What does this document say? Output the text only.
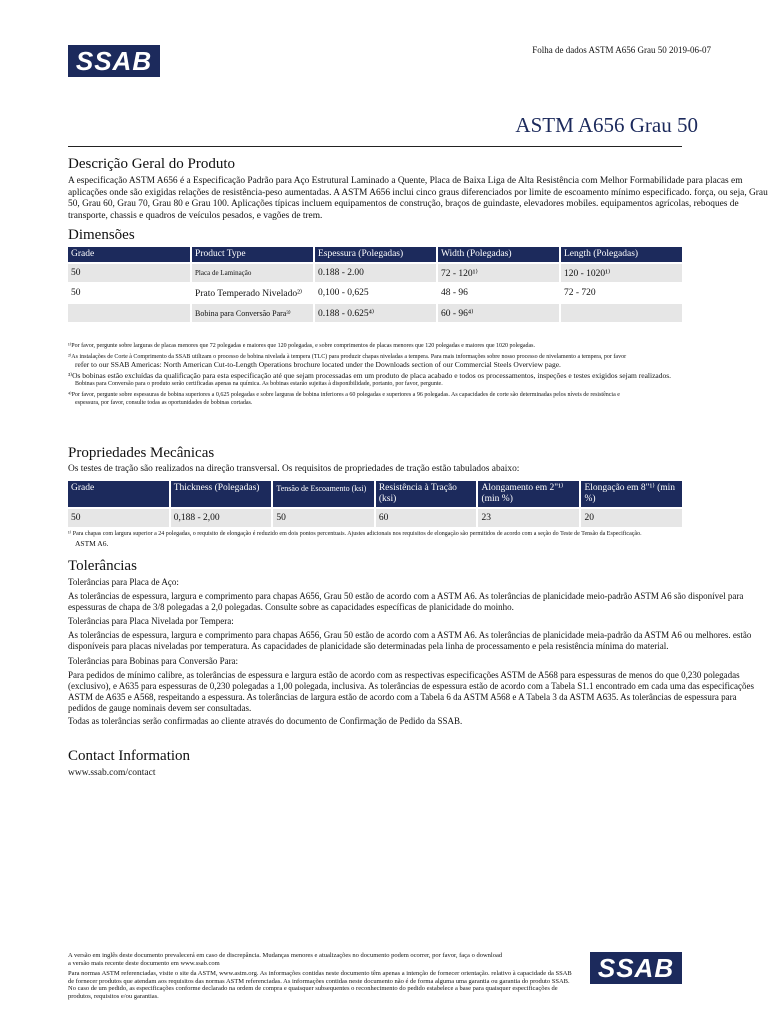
SSAB	Folha de dados ASTM A656 Grau 50 2019-06-07
ASTM A656 Grau 50
Descrição Geral do Produto
A especificação ASTM A656 é a Especificação Padrão para Aço Estrutural Laminado a Quente, Placa de Baixa Liga de Alta Resistência com Melhor Formabilidade para placas em aplicações onde são exigidas relações de resistência-peso aumentadas. A ASTM A656 inclui cinco graus diferenciados por limite de escoamento mínimo especificado. força, ou seja, Grau 50, Grau 60, Grau 70, Grau 80 e Grau 100. Aplicações típicas incluem equipamentos de construção, braços de guindaste, elevadores mobiles. equipamentos agrícolas, reboques de transporte, chassis e quadros de veículos pesados, e vagões de trem.
Dimensões
Grade	Product Type	Espessura (Polegadas)	Width (Polegadas)	Length (Polegadas)
50	Placa de Laminação	0.188 - 2.00	72 - 120¹⁾	120 - 1020¹⁾
50	Prato Temperado Nivelado²⁾	0,100 - 0,625	48 - 96	72 - 720
	Bobina para Conversão Para³⁾	0.188 - 0.625⁴⁾	60 - 96⁴⁾	
¹⁾Por favor, pergunte sobre larguras de placas menores que 72 polegadas e maiores que 120 polegadas, e sobre comprimentos de placas menores que 120 polegadas e maiores que 1020 polegadas.
²⁾As instalações de Corte à Comprimento da SSAB utilizam o processo de bobina nivelada à tempera (TLC) para produzir chapas niveladas a tempera. Para mais informações sobre nosso processo de nivelamento a tempera, por favor
refer to our SSAB Americas: North American Cut-to-Length Operations brochure located under the Downloads section of our Commercial Steels Overview page.
³⁾Os bobinas estão excluídas da qualificação para esta especificação até que sejam processadas em um produto de placa acabado e todos os processamentos, inspeções e testes exigidos sejam realizados.
Bobinas para Conversão para o produto serão certificadas apenas na química. As bobinas estarão sujeitas à disponibilidade, portanto, por favor, pergunte.
⁴⁾Por favor, pergunte sobre espessuras de bobina superiores a 0,625 polegadas e sobre larguras de bobina inferiores a 60 polegadas e superiores a 96 polegadas. As capacidades de corte são determinadas pelos níveis de resistência e
espessura, por favor, consulte todas as oportunidades de bobinas cortadas.
Propriedades Mecânicas
Os testes de tração são realizados na direção transversal. Os requisitos de propriedades de tração estão tabulados abaixo:
Grade	Thickness (Polegadas)	Tensão de Escoamento (ksi)	Resistência à Tração (ksi)	Alongamento em 2"¹⁾ (min %)	Elongação em 8"¹⁾ (min %)
50	0,188 - 2,00	50	60	23	20
¹⁾ Para chapas com largura superior a 24 polegadas, o requisito de elongação é reduzido em dois pontos percentuais. Ajustes adicionais nos requisitos de elongação são permitidos de acordo com a seção do Teste de Tensão da Especificação.
ASTM A6.
Tolerâncias
Tolerâncias para Placa de Aço:
As tolerâncias de espessura, largura e comprimento para chapas A656, Grau 50 estão de acordo com a ASTM A6. As tolerâncias de planicidade meio-padrão ASTM A6 são disponível para espessuras de chapa de 3/8 polegadas a 2,0 polegadas. Consulte sobre as capacidades específicas de planicidade do moinho.
Tolerâncias para Placa Nivelada por Tempera:
As tolerâncias de espessura, largura e comprimento para chapas A656, Grau 50 estão de acordo com a ASTM A6. As tolerâncias de planicidade meia-padrão da ASTM A6 ou melhores. estão disponíveis para placas niveladas por temperatura. As capacidades de planicidade são determinadas pela linha de processamento e pela resistência mínima do material.
Tolerâncias para Bobinas para Conversão Para:
Para pedidos de mínimo calibre, as tolerâncias de espessura e largura estão de acordo com as respectivas especificações ASTM de A568 para espessuras de menos do que 0,230 polegadas (exclusivo), e A635 para espessuras de 0,230 polegadas a 1,00 polegada, inclusiva. As tolerâncias de espessura estão de acordo com a Tabela S1.1 encontrado em cada uma das especificações ASTM de A635 e A568, respeitando a espessura. As tolerâncias de largura estão de acordo com a Tabela 6 da ASTM A568 e A Tabela 3 da ASTM A635. As tolerâncias de espessura para pedidos de gauge nominais devem ser consultadas.
Todas as tolerâncias serão confirmadas ao cliente através do documento de Confirmação de Pedido da SSAB.
Contact Information
www.ssab.com/contact
A versão em inglês deste documento prevalecerá em caso de discrepância. Mudanças menores e atualizações no documento podem ocorrer, por favor, faça o download
a versão mais recente deste documento em www.ssab.com
Para normas ASTM referenciadas, visite o site da ASTM, www.astm.org. As informações contidas neste documento têm apenas a intenção de fornecer orientação. relativo à capacidade da SSAB de fornecer produtos que atendam aos requisitos das normas ASTM referenciadas. As informações contidas neste documento não é de forma alguma uma garantia ou garantia do produto SSAB. No caso de um pedido, as especificações conforme declarado na ordem de compra e quaisquer subsequentes o reconhecimento do pedido estabelece a base para quaisquer especificações de produtos, requisitos e/ou garantias.
SSAB
